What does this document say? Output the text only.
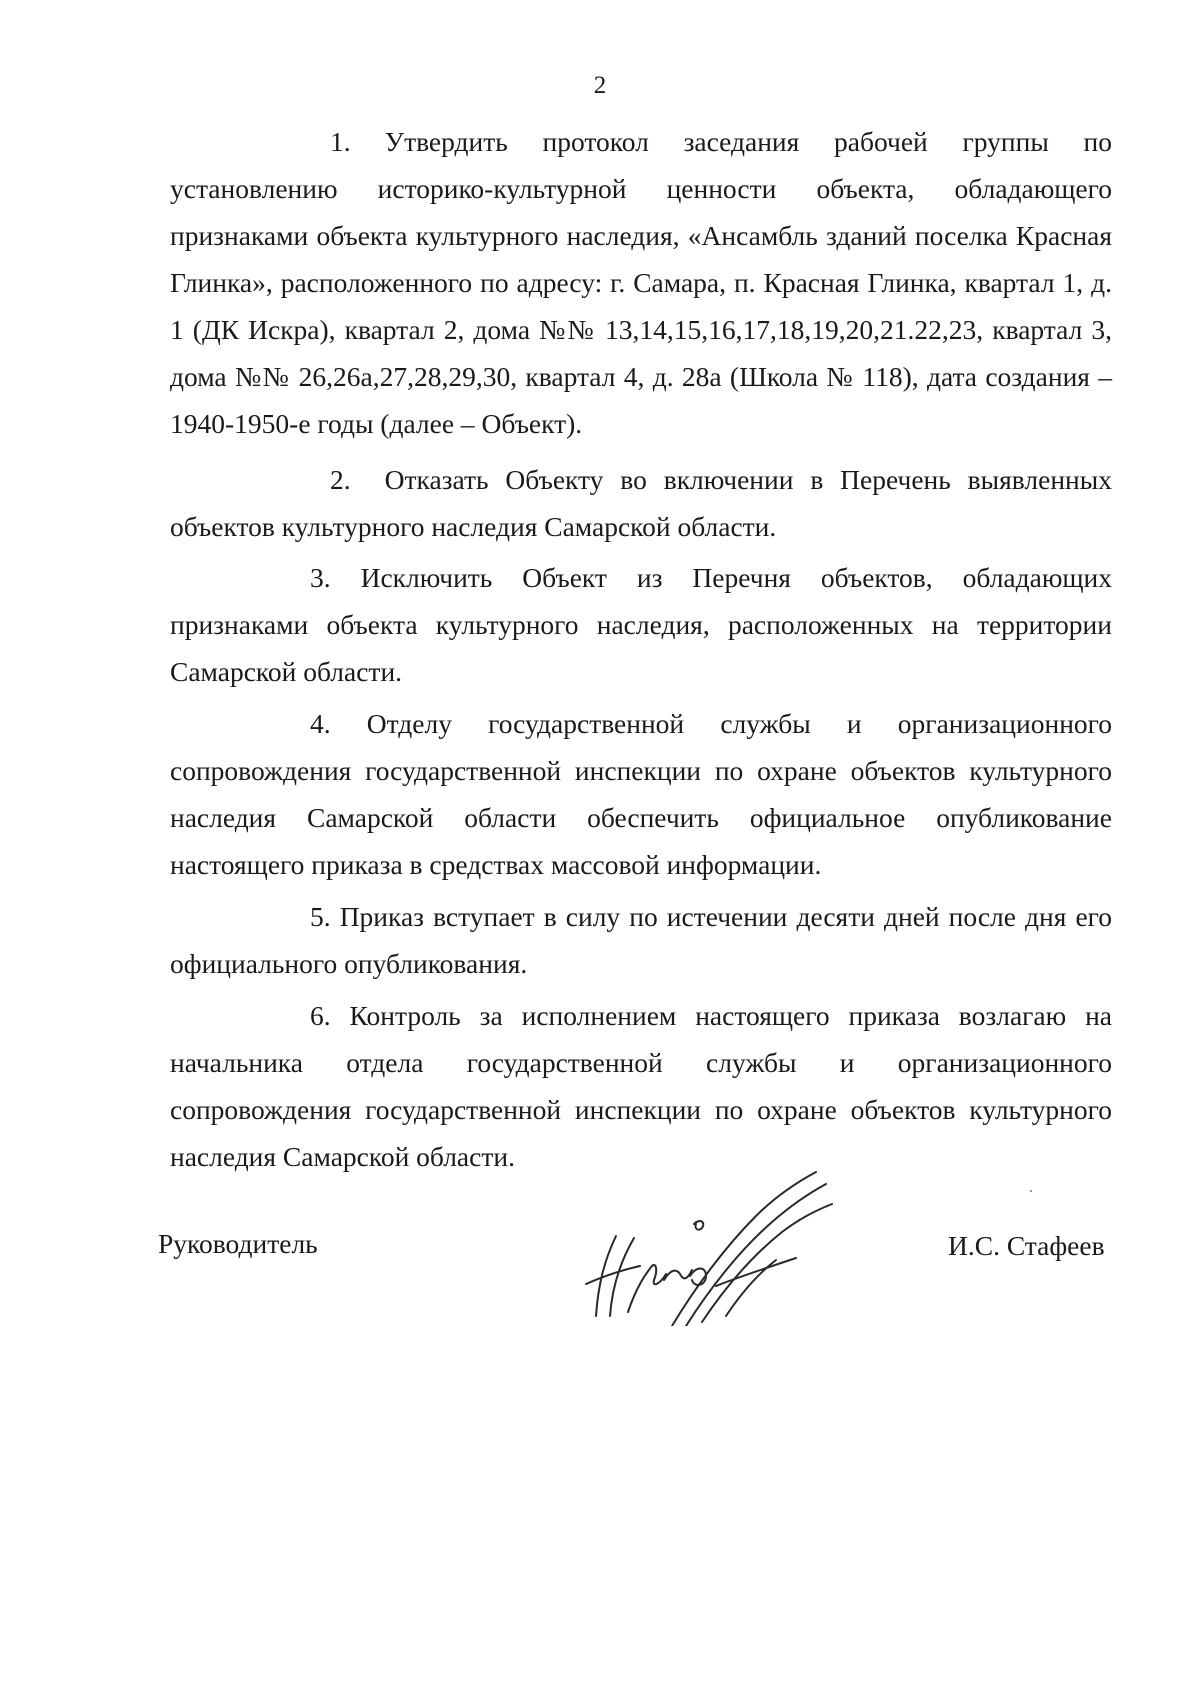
2

1. Утвердить протокол заседания рабочей группы по установлению историко-культурной ценности объекта, обладающего признаками объекта культурного наследия, «Ансамбль зданий поселка Красная Глинка», расположенного по адресу: г. Самара, п. Красная Глинка, квартал 1, д. 1 (ДК Искра), квартал 2, дома №№ 13,14,15,16,17,18,19,20,21.22,23, квартал 3, дома №№ 26,26а,27,28,29,30, квартал 4, д. 28а (Школа № 118), дата создания – 1940-1950-е годы (далее – Объект).

2. Отказать Объекту во включении в Перечень выявленных объектов культурного наследия Самарской области.

3. Исключить Объект из Перечня объектов, обладающих признаками объекта культурного наследия, расположенных на территории Самарской области.

4. Отделу государственной службы и организационного сопровождения государственной инспекции по охране объектов культурного наследия Самарской области обеспечить официальное опубликование настоящего приказа в средствах массовой информации.

5. Приказ вступает в силу по истечении десяти дней после дня его официального опубликования.

6. Контроль за исполнением настоящего приказа возлагаю на начальника отдела государственной службы и организационного сопровождения государственной инспекции по охране объектов культурного наследия Самарской области.

Руководитель	И.С. Стафеев
